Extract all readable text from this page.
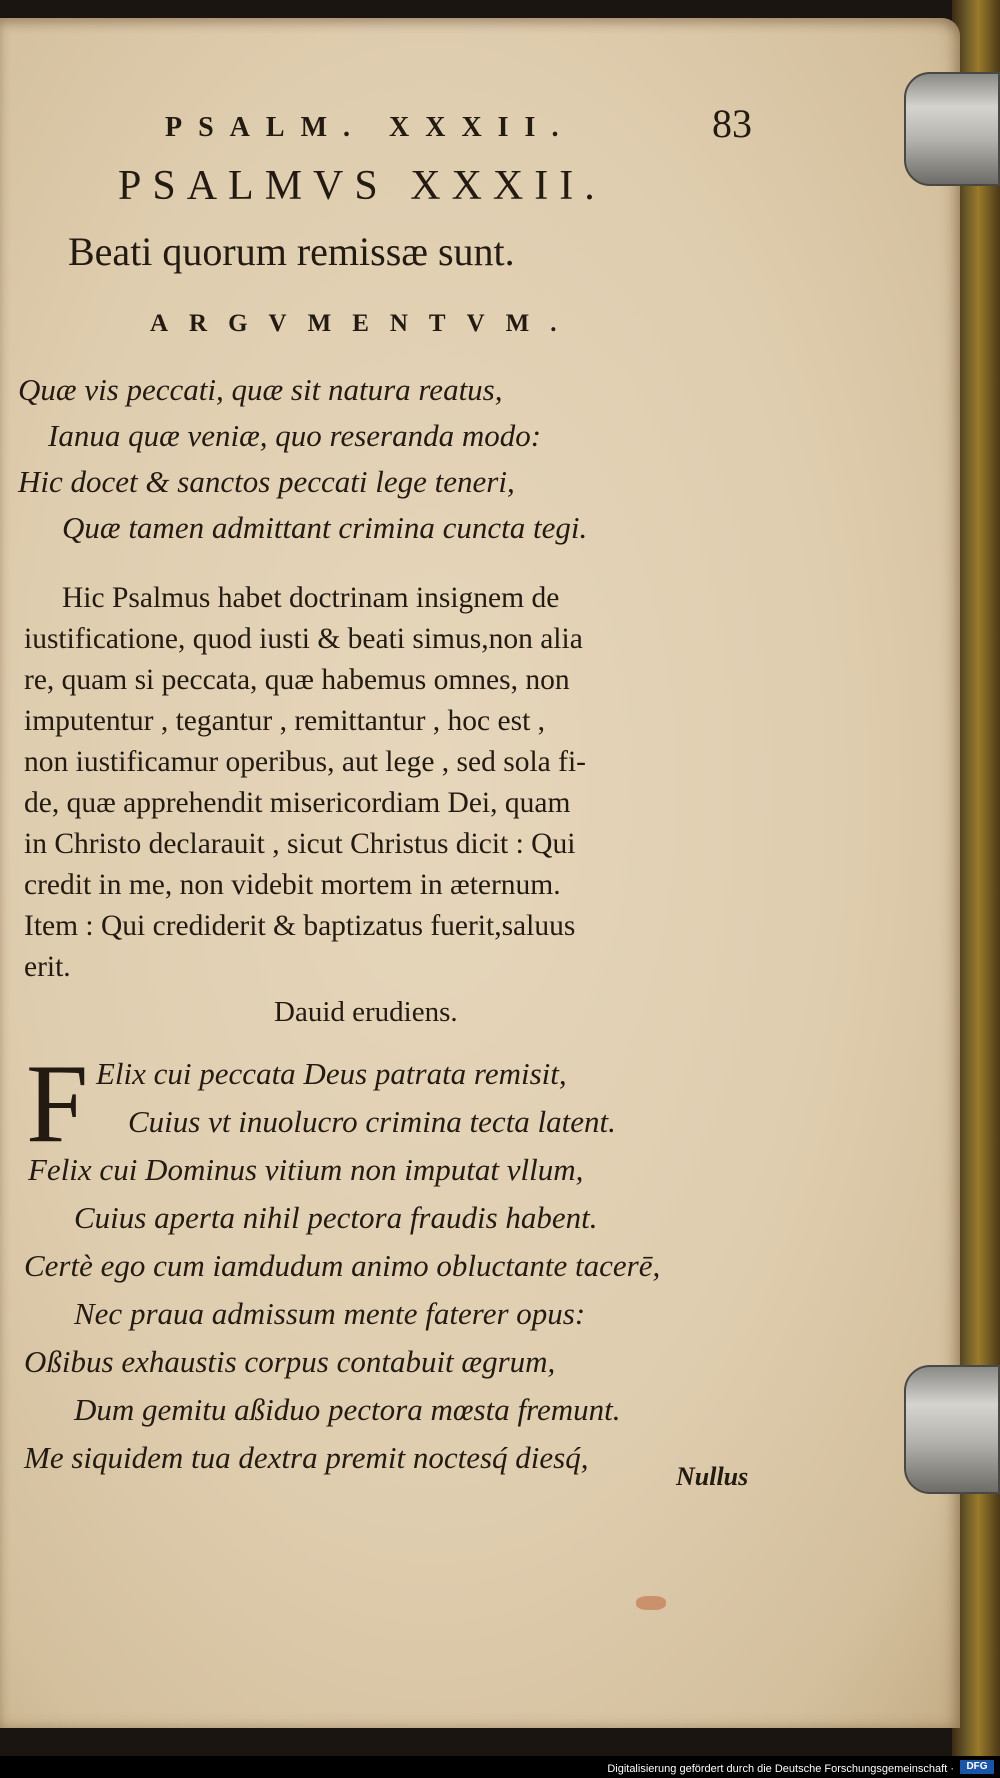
PSALM. XXXII.	83
PSALMVS XXXII.
Beati quorum remissæ sunt.
ARGVMENTVM.
Quæ vis peccati, quæ sit natura reatus,
Ianua quæ veniæ, quo reseranda modo:
Hic docet & sanctos peccati lege teneri,
Quæ tamen admittant crimina cuncta tegi.
Hic Psalmus habet doctrinam insignem de
iustificatione, quod iusti & beati simus,non alia
re, quam si peccata, quæ habemus omnes, non
imputentur , tegantur , remittantur , hoc est ,
non iustificamur operibus, aut lege , sed sola fi-
de, quæ apprehendit misericordiam Dei, quam
in Christo declarauit , sicut Christus dicit : Qui
credit in me, non videbit mortem in æternum.
Item : Qui crediderit & baptizatus fuerit,saluus
erit.
Dauid erudiens.
F Elix cui peccata Deus patrata remisit,
Cuius vt inuolucro crimina tecta latent.
Felix cui Dominus vitium non imputat vllum,
Cuius aperta nihil pectora fraudis habent.
Certè ego cum iamdudum animo obluctante tacerē,
Nec praua admissum mente faterer opus:
Oßibus exhaustis corpus contabuit ægrum,
Dum gemitu aßiduo pectora mœsta fremunt.
Me siquidem tua dextra premit noctesq́ diesq́,
Nullus
Digitalisierung gefördert durch die Deutsche Forschungsgemeinschaft ·	DFG
